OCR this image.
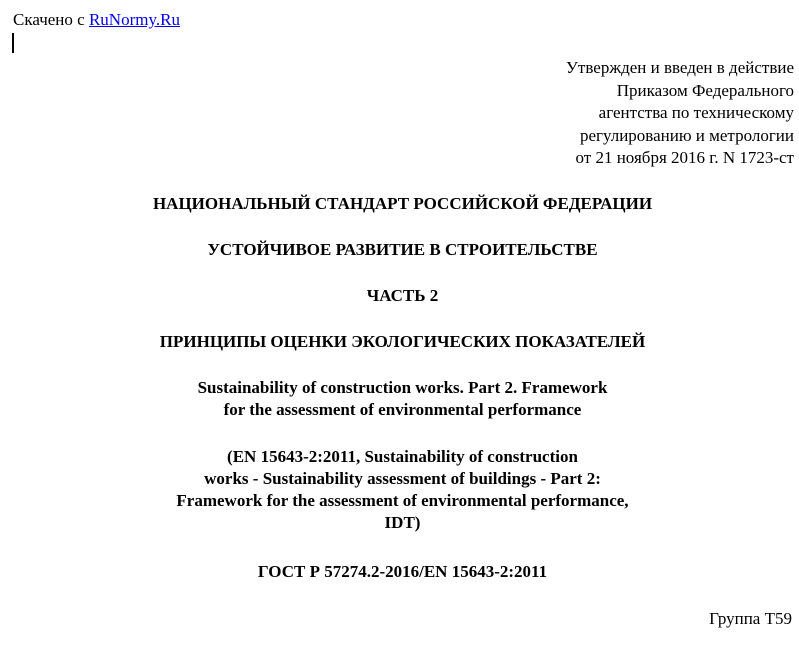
Скачено с RuNormy.Ru
Утвержден и введен в действие
Приказом Федерального
агентства по техническому
регулированию и метрологии
от 21 ноября 2016 г. N 1723-ст
НАЦИОНАЛЬНЫЙ СТАНДАРТ РОССИЙСКОЙ ФЕДЕРАЦИИ
УСТОЙЧИВОЕ РАЗВИТИЕ В СТРОИТЕЛЬСТВЕ
ЧАСТЬ 2
ПРИНЦИПЫ ОЦЕНКИ ЭКОЛОГИЧЕСКИХ ПОКАЗАТЕЛЕЙ
Sustainability of construction works. Part 2. Framework
for the assessment of environmental performance
(EN 15643-2:2011, Sustainability of construction
works - Sustainability assessment of buildings - Part 2:
Framework for the assessment of environmental performance,
IDT)
ГОСТ Р 57274.2-2016/EN 15643-2:2011
Группа Т59
